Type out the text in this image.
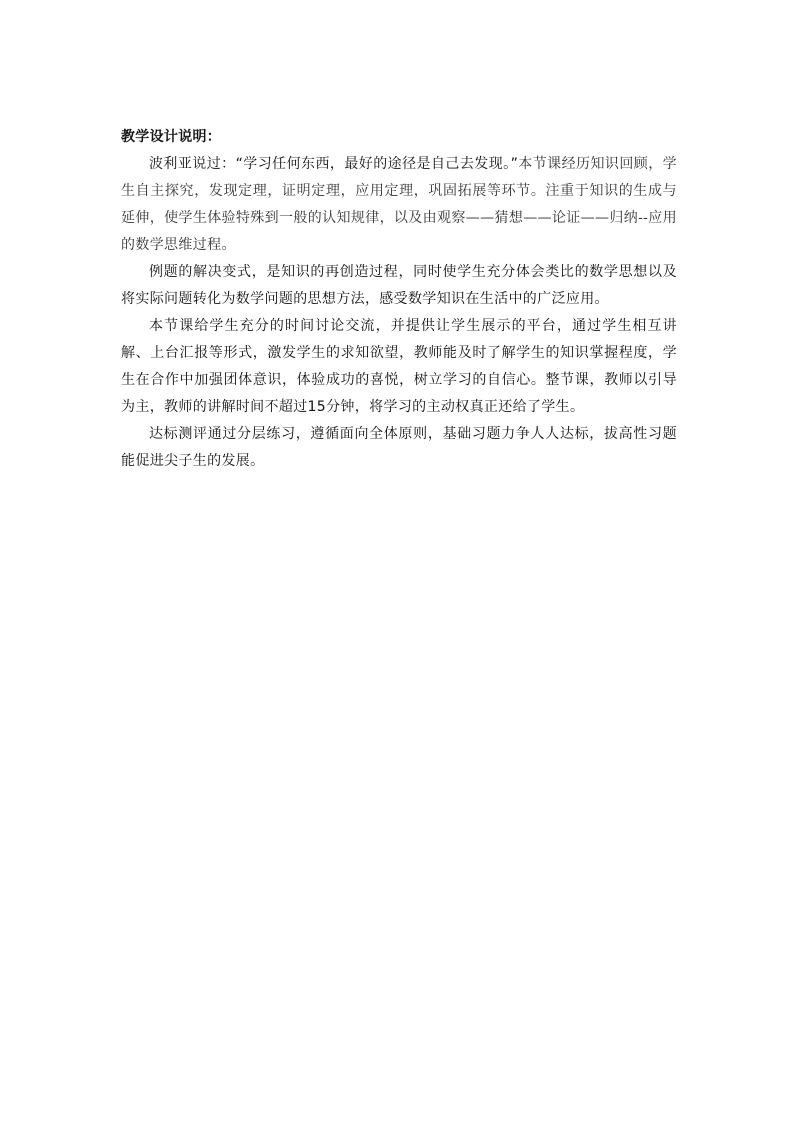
教学设计说明：

波利亚说过：“学习任何东西，最好的途径是自己去发现。”本节课经历知识回顾，学生自主探究，发现定理，证明定理，应用定理，巩固拓展等环节。注重于知识的生成与延伸，使学生体验特殊到一般的认知规律，以及由观察——猜想——论证——归纳--应用的数学思维过程。

例题的解决变式，是知识的再创造过程，同时使学生充分体会类比的数学思想以及将实际问题转化为数学问题的思想方法，感受数学知识在生活中的广泛应用。

本节课给学生充分的时间讨论交流，并提供让学生展示的平台，通过学生相互讲解、上台汇报等形式，激发学生的求知欲望，教师能及时了解学生的知识掌握程度，学生在合作中加强团体意识，体验成功的喜悦，树立学习的自信心。整节课，教师以引导为主，教师的讲解时间不超过15分钟，将学习的主动权真正还给了学生。

达标测评通过分层练习，遵循面向全体原则，基础习题力争人人达标，拔高性习题能促进尖子生的发展。
